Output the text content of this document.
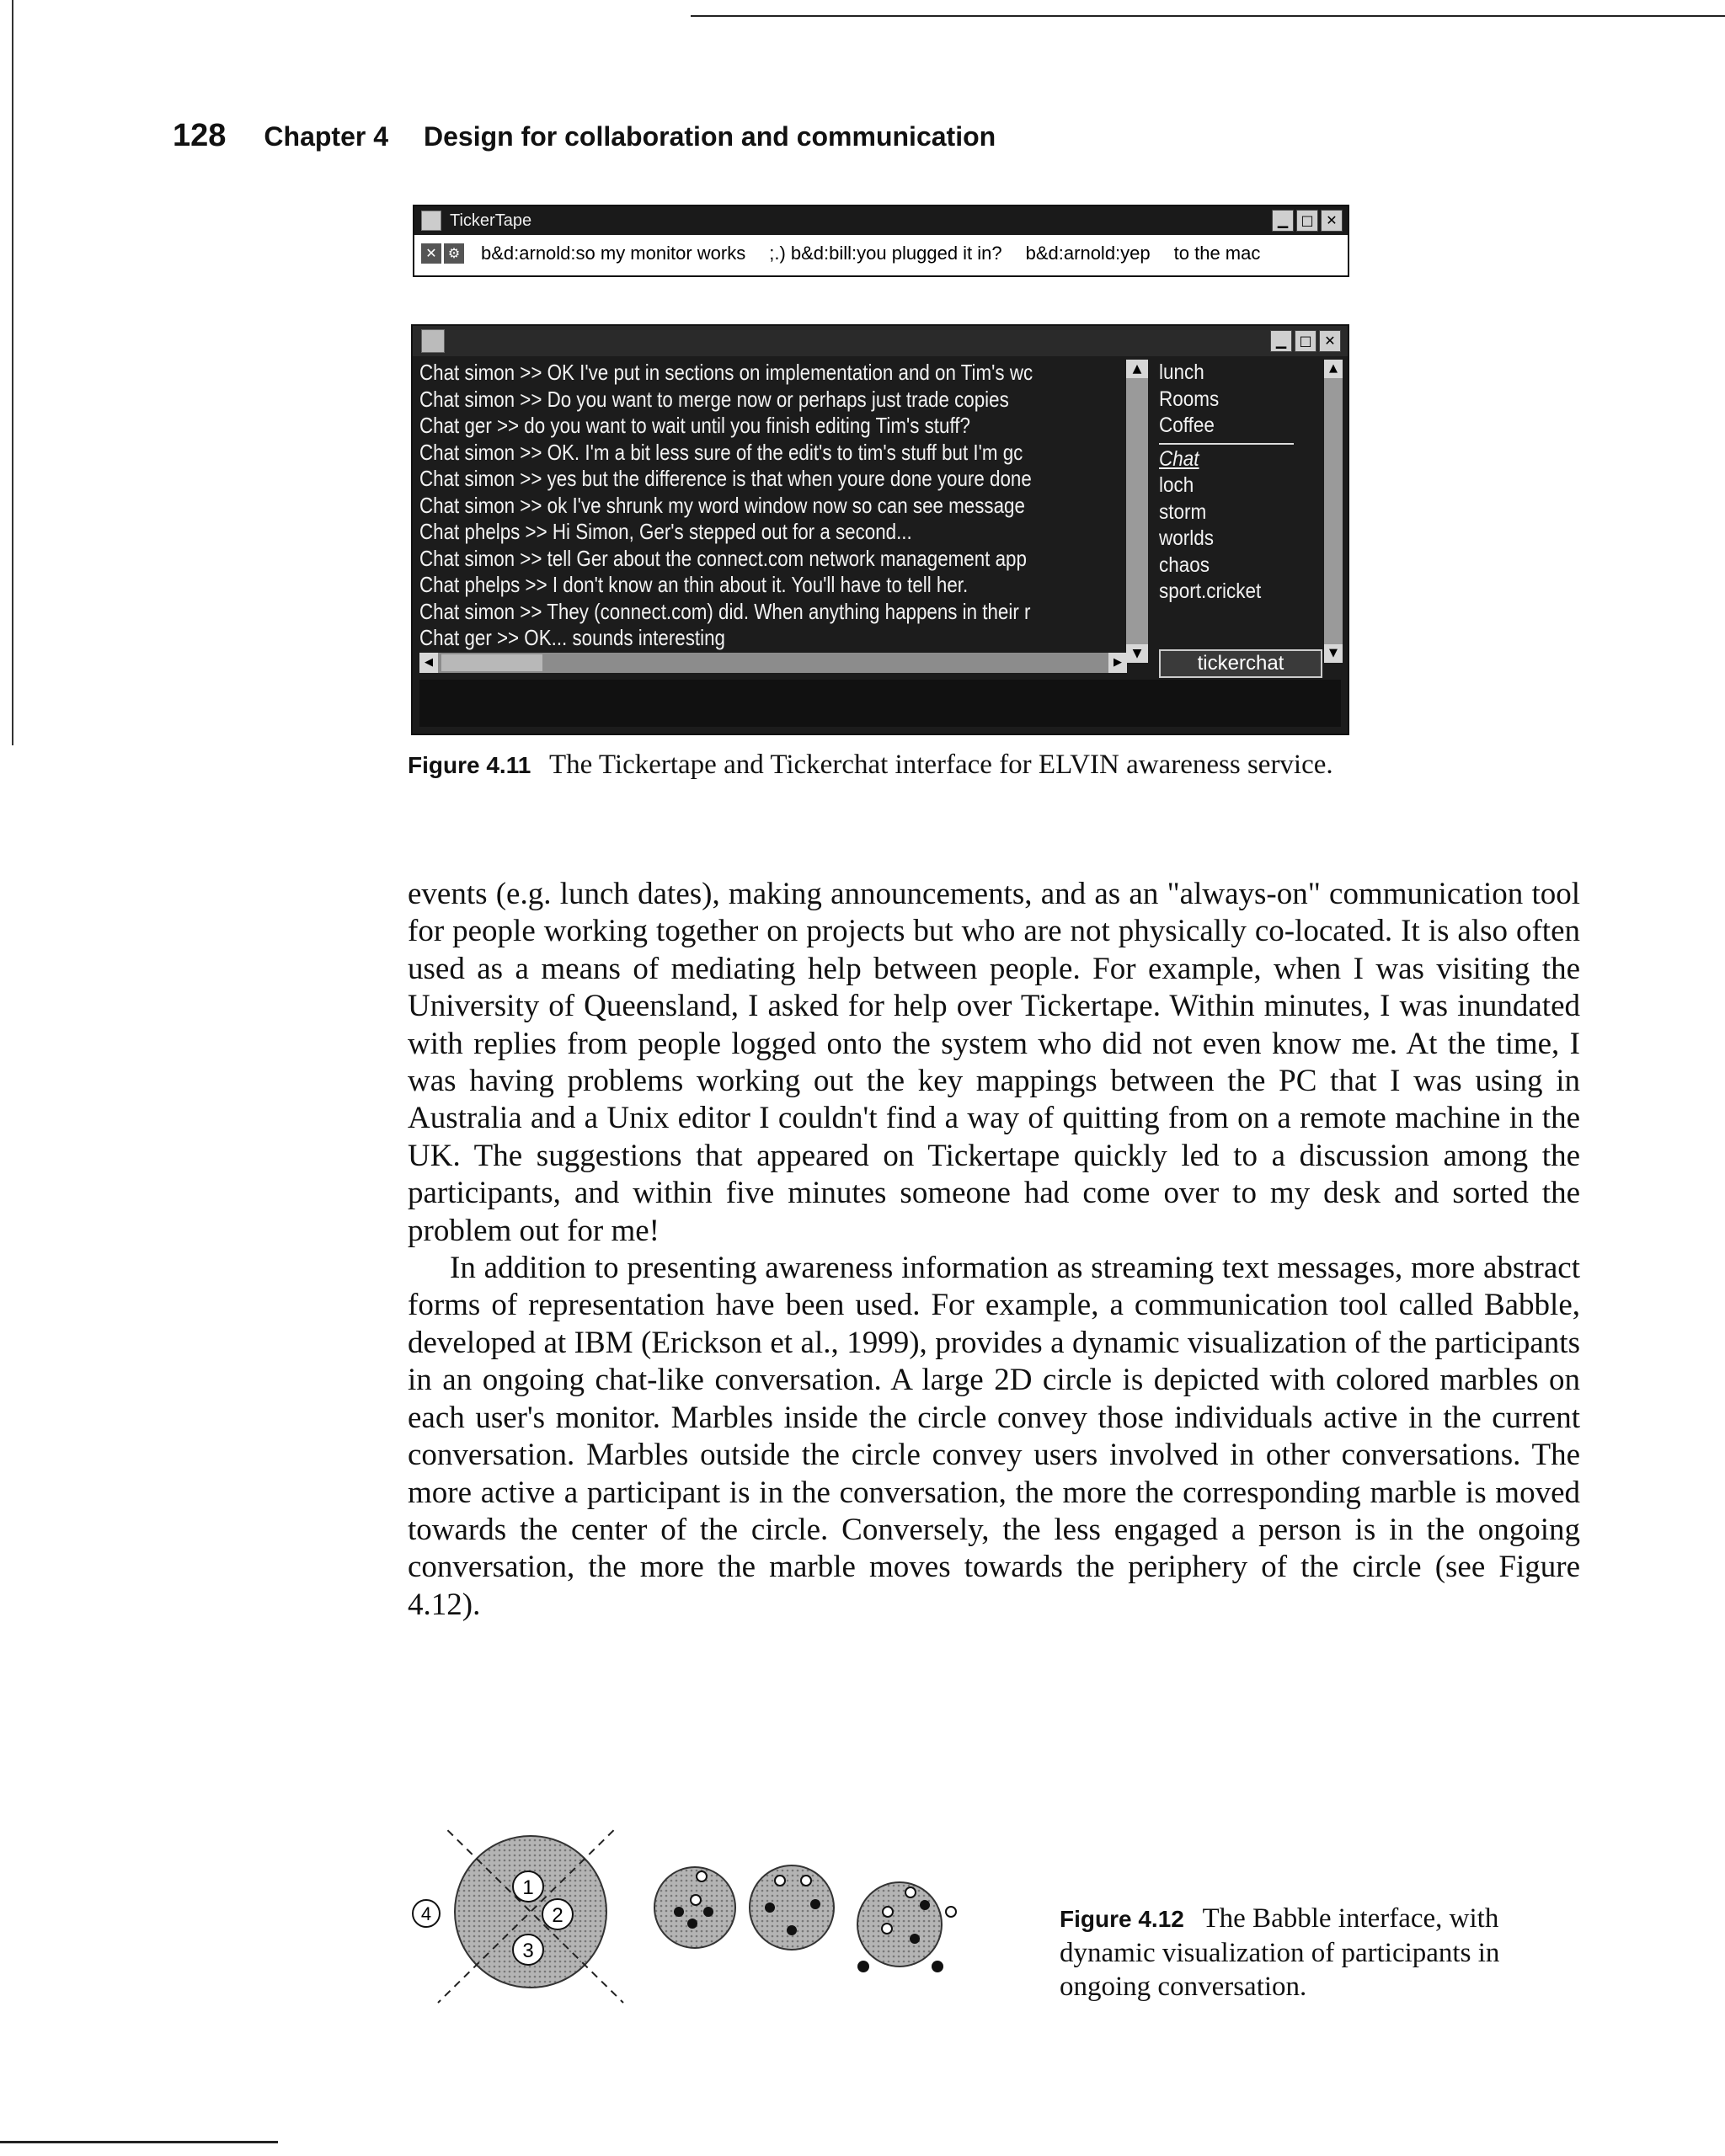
128 Chapter 4 Design for collaboration and communication
TickerTape	▁ □ ✕
✕ ⚙ b&d:arnold:so my monitor works ;.) b&d:bill:you plugged it in? b&d:arnold:yep to the mac
▁ □ ✕
Chat simon >> OK I've put in sections on implementation and on Tim's wc
Chat simon >> Do you want to merge now or perhaps just trade copies
Chat ger >> do you want to wait until you finish editing Tim's stuff?
Chat simon >> OK. I'm a bit less sure of the edit's to tim's stuff but I'm gc
Chat simon >> yes but the difference is that when youre done youre done
Chat simon >> ok I've shrunk my word window now so can see message
Chat phelps >> Hi Simon, Ger's stepped out for a second...
Chat simon >> tell Ger about the connect.com network management app
Chat phelps >> I don't know an thin about it. You'll have to tell her.
Chat simon >> They (connect.com) did. When anything happens in their r
Chat ger >> OK... sounds interesting
▲
▼
lunch
Rooms
Coffee
Chat
loch
storm
worlds
chaos
sport.cricket
▲
▼
◀	▶	tickerchat
Figure 4.11 The Tickertape and Tickerchat interface for ELVIN awareness service.

events (e.g. lunch dates), making announcements, and as an "always-on" communication tool for people working together on projects but who are not physically co-located. It is also often used as a means of mediating help between people. For example, when I was visiting the University of Queensland, I asked for help over Tickertape. Within minutes, I was inundated with replies from people logged onto the system who did not even know me. At the time, I was having problems working out the key mappings between the PC that I was using in Australia and a Unix editor I couldn't find a way of quitting from on a remote machine in the UK. The suggestions that appeared on Tickertape quickly led to a discussion among the participants, and within five minutes someone had come over to my desk and sorted the problem out for me!

In addition to presenting awareness information as streaming text messages, more abstract forms of representation have been used. For example, a communication tool called Babble, developed at IBM (Erickson et al., 1999), provides a dynamic visualization of the participants in an ongoing chat-like conversation. A large 2D circle is depicted with colored marbles on each user's monitor. Marbles inside the circle convey those individuals active in the current conversation. Marbles outside the circle convey users involved in other conversations. The more active a participant is in the conversation, the more the corresponding marble is moved towards the center of the circle. Conversely, the less engaged a person is in the ongoing conversation, the more the marble moves towards the periphery of the circle (see Figure 4.12).

1
2
3
4	Figure 4.12 The Babble interface, with dynamic visualization of participants in ongoing conversation.
